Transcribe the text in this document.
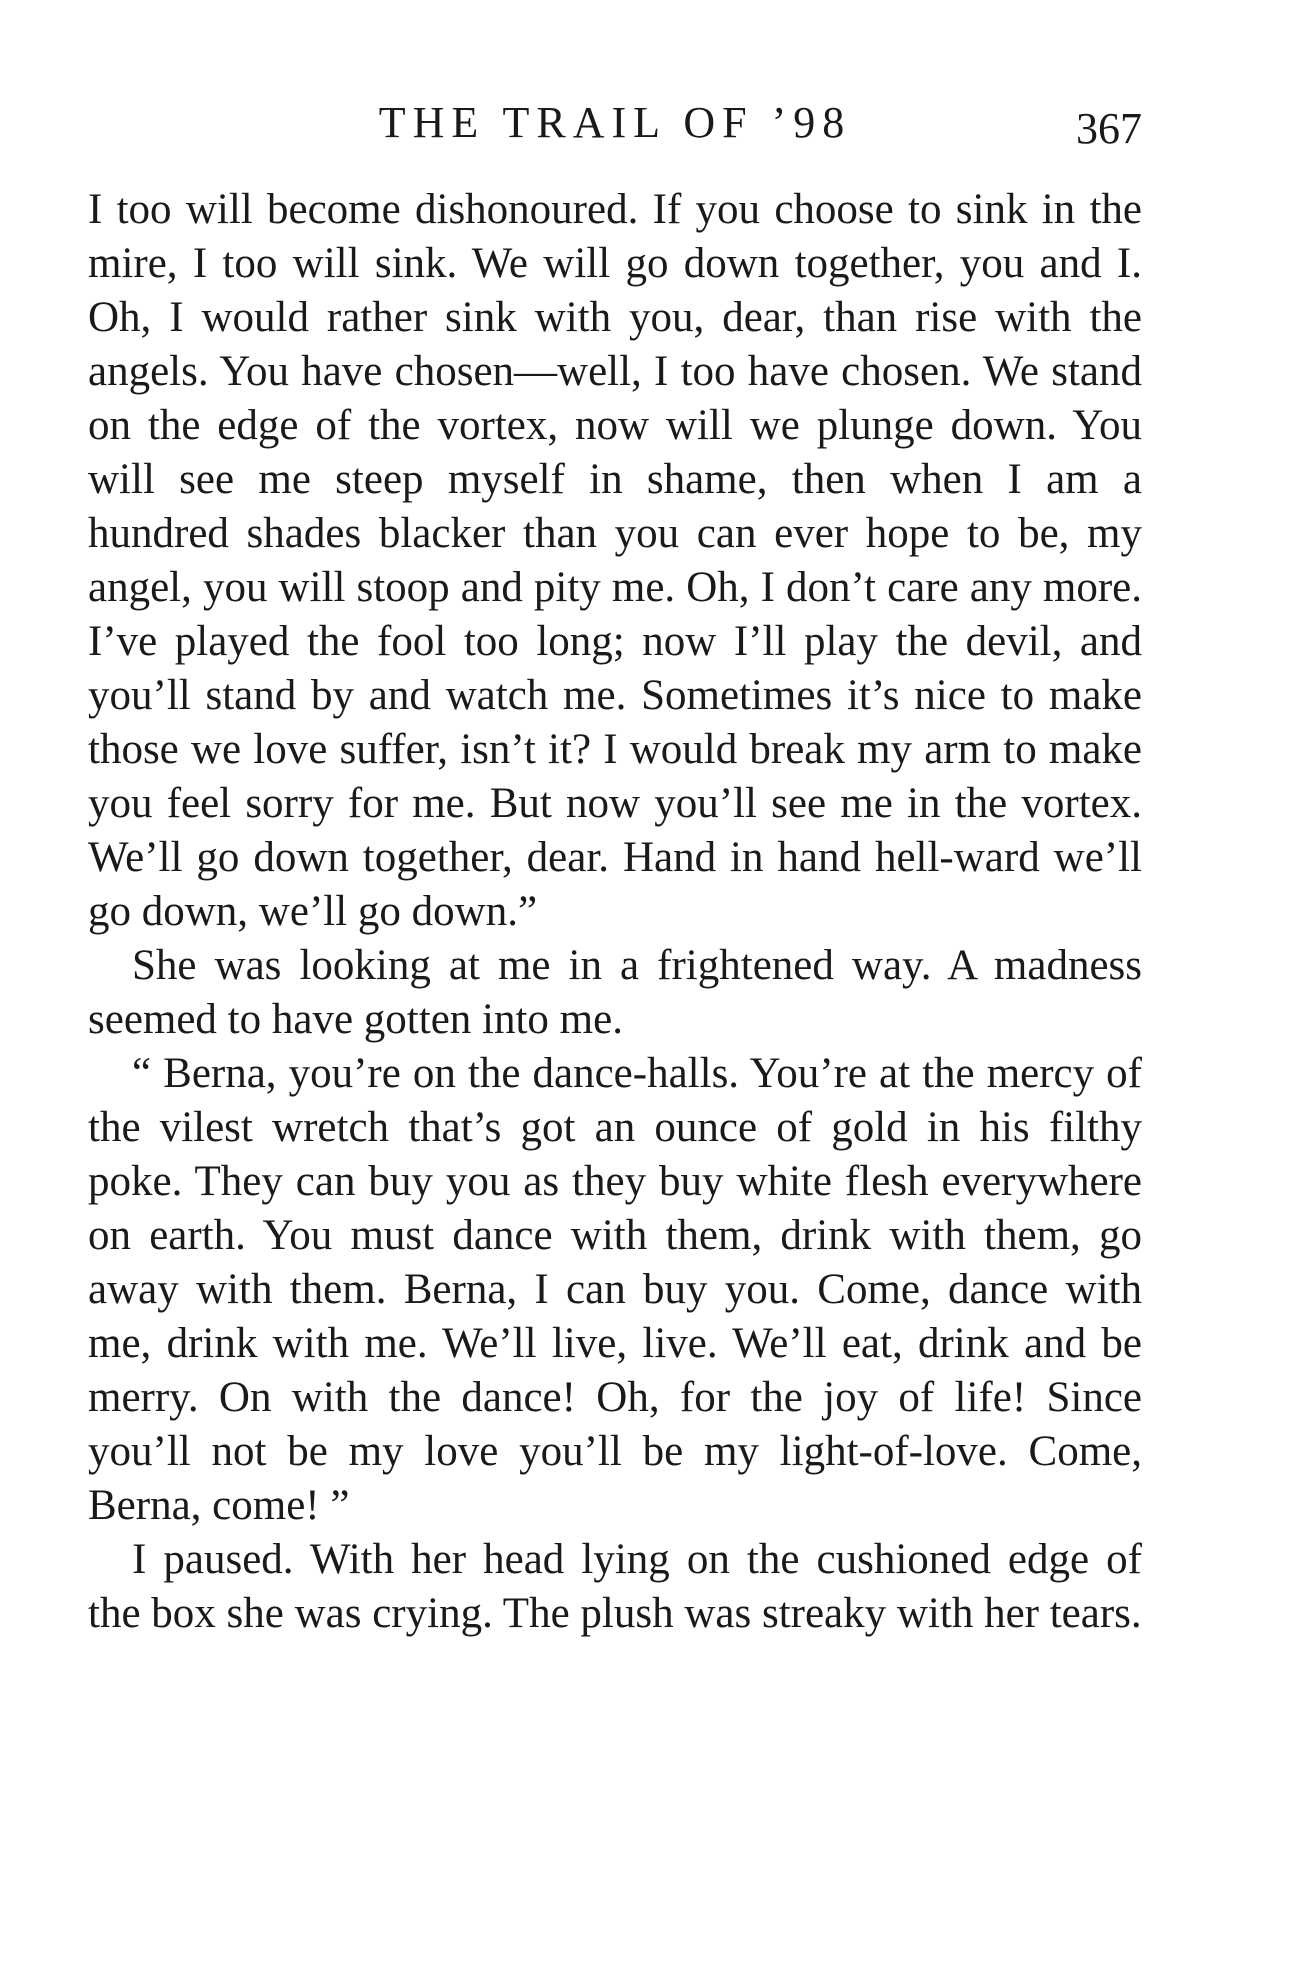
THE TRAIL OF ’98	367

I too will become dishonoured. If you choose to sink in the mire, I too will sink. We will go down together, you and I. Oh, I would rather sink with you, dear, than rise with the angels. You have chosen—well, I too have chosen. We stand on the edge of the vortex, now will we plunge down. You will see me steep myself in shame, then when I am a hundred shades blacker than you can ever hope to be, my angel, you will stoop and pity me. Oh, I don’t care any more. I’ve played the fool too long; now I’ll play the devil, and you’ll stand by and watch me. Sometimes it’s nice to make those we love suffer, isn’t it? I would break my arm to make you feel sorry for me. But now you’ll see me in the vortex. We’ll go down together, dear. Hand in hand hell-ward we’ll go down, we’ll go down.”

She was looking at me in a frightened way. A madness seemed to have gotten into me.

“ Berna, you’re on the dance-halls. You’re at the mercy of the vilest wretch that’s got an ounce of gold in his filthy poke. They can buy you as they buy white flesh everywhere on earth. You must dance with them, drink with them, go away with them. Berna, I can buy you. Come, dance with me, drink with me. We’ll live, live. We’ll eat, drink and be merry. On with the dance! Oh, for the joy of life! Since you’ll not be my love you’ll be my light-of-love. Come, Berna, come! ”

I paused. With her head lying on the cushioned edge of the box she was crying. The plush was streaky with her tears.
